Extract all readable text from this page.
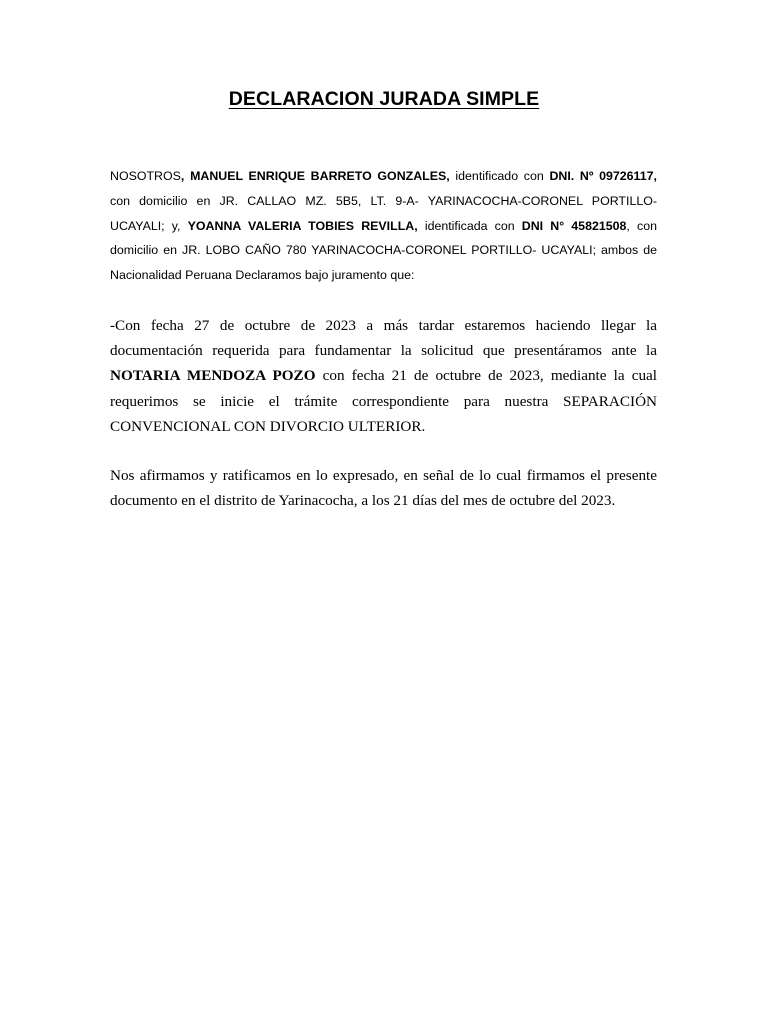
DECLARACION JURADA SIMPLE
NOSOTROS, MANUEL ENRIQUE BARRETO GONZALES, identificado con DNI. Nº 09726117, con domicilio en JR. CALLAO MZ. 5B5, LT. 9-A- YARINACOCHA-CORONEL PORTILLO- UCAYALI; y, YOANNA VALERIA TOBIES REVILLA, identificada con DNI N° 45821508, con domicilio en JR. LOBO CAÑO 780 YARINACOCHA-CORONEL PORTILLO- UCAYALI; ambos de Nacionalidad Peruana Declaramos bajo juramento que:
-Con fecha 27 de octubre de 2023 a más tardar estaremos haciendo llegar la documentación requerida para fundamentar la solicitud que presentáramos ante la NOTARIA MENDOZA POZO con fecha 21 de octubre de 2023, mediante la cual requerimos se inicie el trámite correspondiente para nuestra SEPARACIÓN CONVENCIONAL CON DIVORCIO ULTERIOR.
Nos afirmamos y ratificamos en lo expresado, en señal de lo cual firmamos el presente documento en el distrito de Yarinacocha, a los 21 días del mes de octubre del 2023.
